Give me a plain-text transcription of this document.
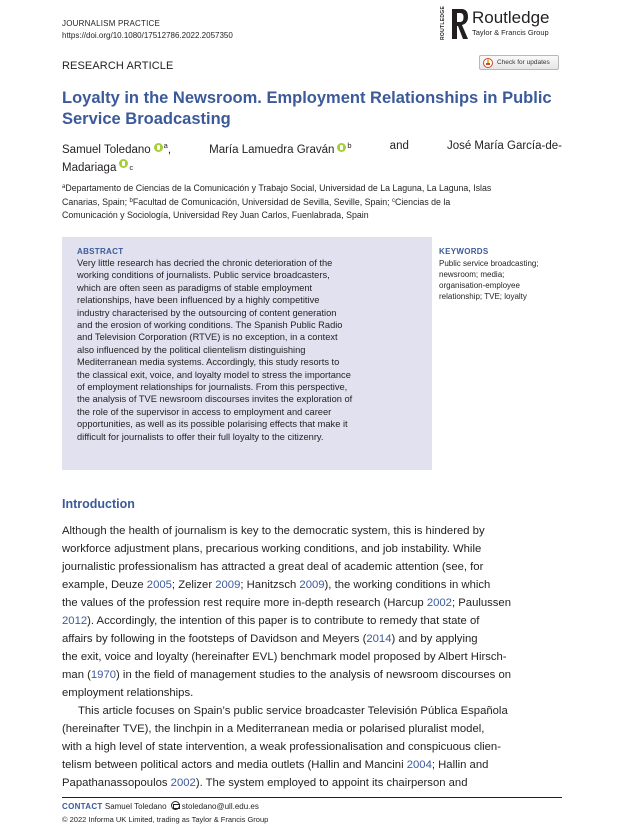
JOURNALISM PRACTICE
https://doi.org/10.1080/17512786.2022.2057350	ROUTLEDGE Routledge
Taylor & Francis Group
RESEARCH ARTICLE	Check for updates
Loyalty in the Newsroom. Employment Relationships in Public Service Broadcasting
Samuel Toledano $^a$,	María Lamuedra Graván $^b$	and	José María García-de-
Madariaga c
$^a$Departamento de Ciencias de la Comunicación y Trabajo Social, Universidad de La Laguna, La Laguna, Islas
Canarias, Spain; $^b$Facultad de Comunicación, Universidad de Sevilla, Seville, Spain; $^c$Ciencias de la
Comunicación y Sociología, Universidad Rey Juan Carlos, Fuenlabrada, Spain
ABSTRACT
Very little research has decried the chronic deterioration of the
working conditions of journalists. Public service broadcasters,
which are often seen as paradigms of stable employment
relationships, have been influenced by a highly competitive
industry characterised by the outsourcing of content generation
and the erosion of working conditions. The Spanish Public Radio
and Television Corporation (RTVE) is no exception, in a context
also influenced by the political clientelism distinguishing
Mediterranean media systems. Accordingly, this study resorts to
the classical exit, voice, and loyalty model to stress the importance
of employment relationships for journalists. From this perspective,
the analysis of TVE newsroom discourses invites the exploration of
the role of the supervisor in access to employment and career
opportunities, as well as its possible polarising effects that make it
difficult for journalists to offer their full loyalty to the citizenry.
KEYWORDS
Public service broadcasting;
newsroom; media;
organisation-employee
relationship; TVE; loyalty
Introduction
Although the health of journalism is key to the democratic system, this is hindered by
workforce adjustment plans, precarious working conditions, and job instability. While
journalistic professionalism has attracted a great deal of academic attention (see, for
example, Deuze 2005; Zelizer 2009; Hanitzsch 2009), the working conditions in which
the values of the profession rest require more in-depth research (Harcup 2002; Paulussen
2012). Accordingly, the intention of this paper is to contribute to remedy that state of
affairs by following in the footsteps of Davidson and Meyers (2014) and by applying
the exit, voice and loyalty (hereinafter EVL) benchmark model proposed by Albert Hirsch-
man (1970) in the field of management studies to the analysis of newsroom discourses on
employment relationships.
This article focuses on Spain’s public service broadcaster Televisión Pública Española
(hereinafter TVE), the linchpin in a Mediterranean media or polarised pluralist model,
with a high level of state intervention, a weak professionalisation and conspicuous clien-
telism between political actors and media outlets (Hallin and Mancini 2004; Hallin and
Papathanassopoulos 2002). The system employed to appoint its chairperson and
CONTACT Samuel Toledano stoledano@ull.edu.es
© 2022 Informa UK Limited, trading as Taylor & Francis Group
